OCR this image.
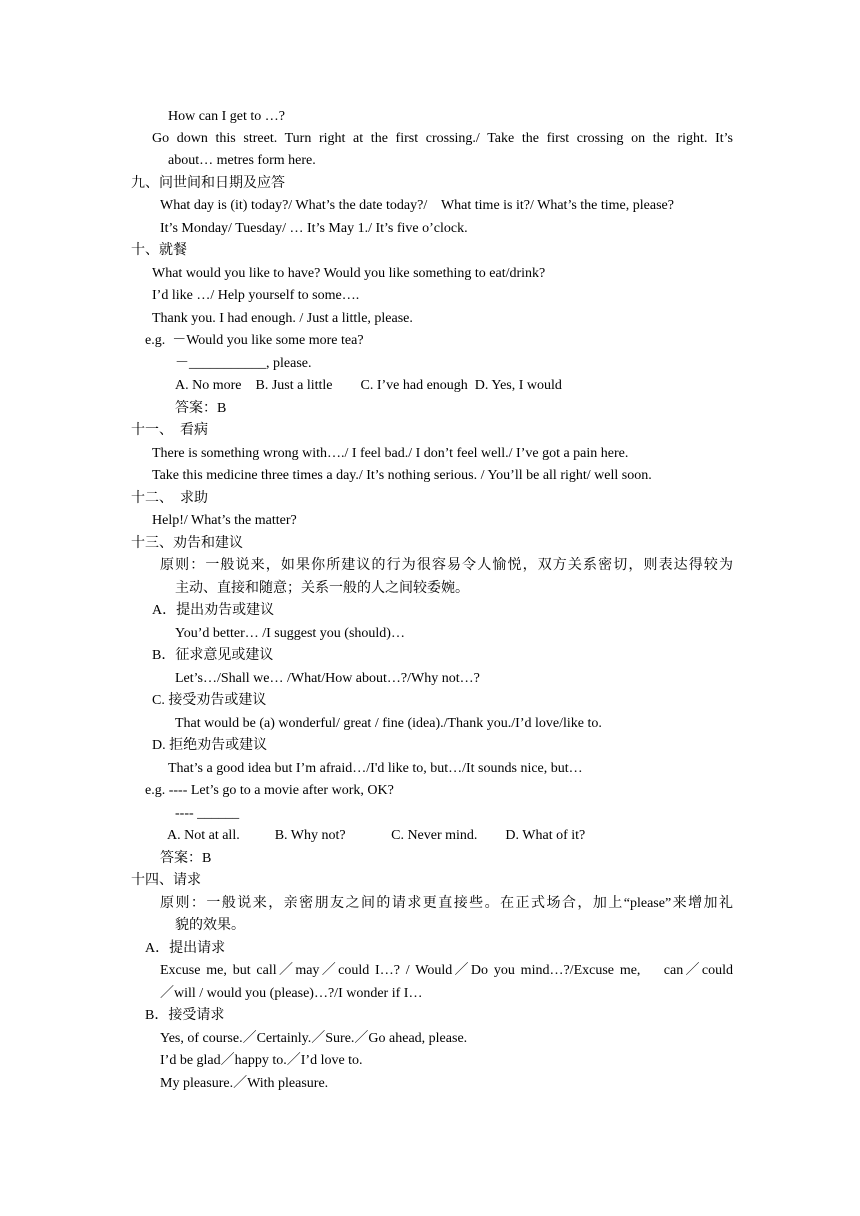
How can I get to …?
Go down this street. Turn right at the first crossing./ Take the first crossing on the right. It’s
about… metres form here.
九、问世间和日期及应答
What day is (it) today?/ What’s the date today?/    What time is it?/ What’s the time, please?
It’s Monday/ Tuesday/ … It’s May 1./ It’s five o’clock.
十、就餐
What would you like to have? Would you like something to eat/drink?
I’d like …/ Help yourself to some….
Thank you. I had enough. / Just a little, please.
e.g.  －Would you like some more tea?
－___________, please.
A. No more    B. Just a little        C. I’ve had enough  D. Yes, I would
答案：B
十一、  看病
There is something wrong with…./ I feel bad./ I don’t feel well./ I’ve got a pain here.
Take this medicine three times a day./ It’s nothing serious. / You’ll be all right/ well soon.
十二、  求助
Help!/ What’s the matter?
十三、劝告和建议
原则：一般说来，如果你所建议的行为很容易令人愉悦，双方关系密切，则表达得较为
主动、直接和随意；关系一般的人之间较委婉。
A．提出劝告或建议
You’d better… /I suggest you (should)…
B．征求意见或建议
Let’s…/Shall we… /What/How about…?/Why not…?
C. 接受劝告或建议
That would be (a) wonderful/ great / fine (idea)./Thank you./I’d love/like to.
D. 拒绝劝告或建议
That’s a good idea but I’m afraid…/I'd like to, but…/It sounds nice, but…
e.g. ---- Let’s go to a movie after work, OK?
---- ______
A. Not at all.          B. Why not?             C. Never mind.        D. What of it?
答案：B
十四、请求
原则：一般说来，亲密朋友之间的请求更直接些。在正式场合，加上“please”来增加礼
貌的效果。
A．提出请求
Excuse me, but call／may／could I…? / Would／Do you mind…?/Excuse me,    can／could
／will / would you (please)…?/I wonder if I…
B．接受请求
Yes, of course.／Certainly.／Sure.／Go ahead, please.
I’d be glad／happy to.／I’d love to.
My pleasure.／With pleasure.
